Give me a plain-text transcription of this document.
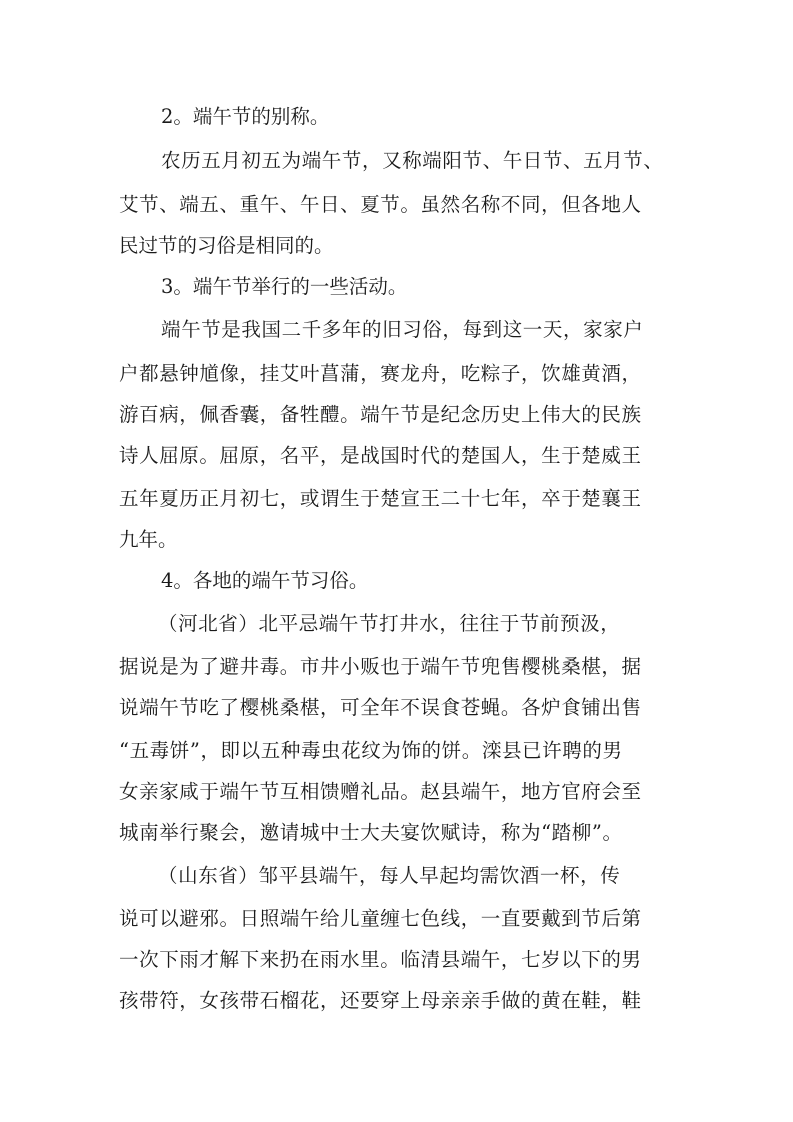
2。端午节的别称。

农历五月初五为端午节，又称端阳节、午日节、五月节、

艾节、端五、重午、午日、夏节。虽然名称不同，但各地人

民过节的习俗是相同的。

3。端午节举行的一些活动。

端午节是我国二千多年的旧习俗，每到这一天，家家户

户都悬钟馗像，挂艾叶菖蒲，赛龙舟，吃粽子，饮雄黄酒，

游百病，佩香囊，备牲醴。端午节是纪念历史上伟大的民族

诗人屈原。屈原，名平，是战国时代的楚国人，生于楚威王

五年夏历正月初七，或谓生于楚宣王二十七年，卒于楚襄王

九年。

4。各地的端午节习俗。

（河北省）北平忌端午节打井水，往往于节前预汲，

据说是为了避井毒。市井小贩也于端午节兜售樱桃桑椹，据

说端午节吃了樱桃桑椹，可全年不误食苍蝇。各炉食铺出售

“五毒饼”，即以五种毒虫花纹为饰的饼。滦县已许聘的男

女亲家咸于端午节互相馈赠礼品。赵县端午，地方官府会至

城南举行聚会，邀请城中士大夫宴饮赋诗，称为“踏柳”。

（山东省）邹平县端午，每人早起均需饮酒一杯，传

说可以避邪。日照端午给儿童缠七色线，一直要戴到节后第

一次下雨才解下来扔在雨水里。临清县端午，七岁以下的男

孩带符，女孩带石榴花，还要穿上母亲亲手做的黄在鞋，鞋
